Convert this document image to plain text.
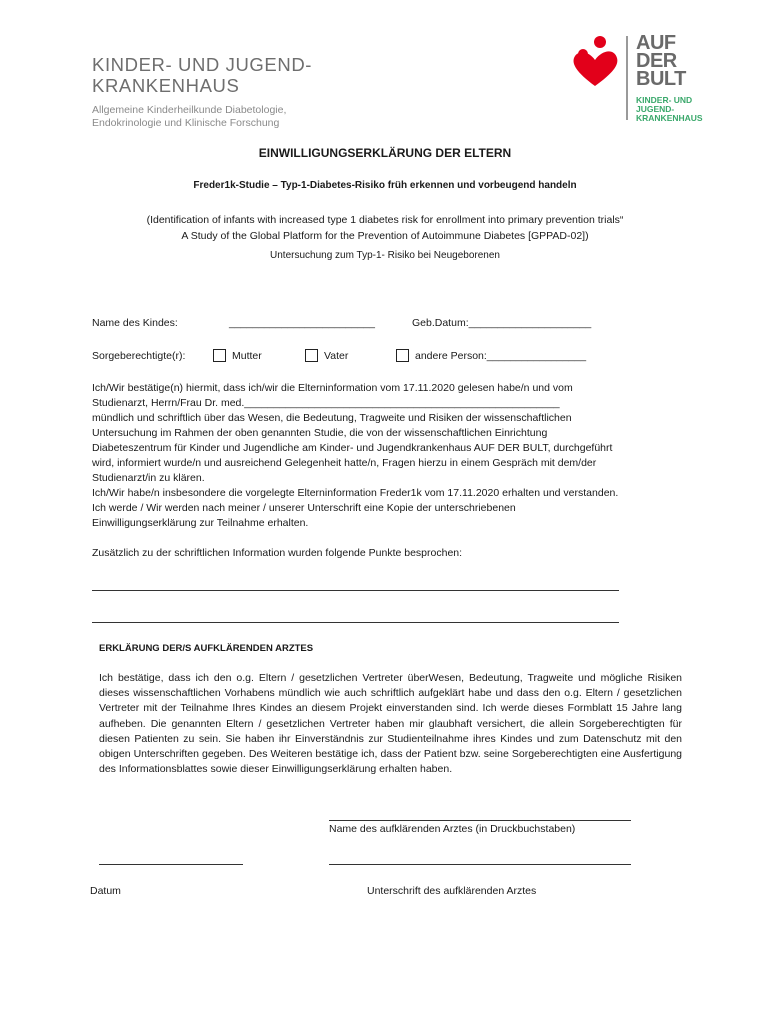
KINDER- UND JUGEND-
KRANKENHAUS
Allgemeine Kinderheilkunde Diabetologie,
Endokrinologie und Klinische Forschung
AUF
DER
BULT
KINDER- UND
JUGEND-
KRANKENHAUS
EINWILLIGUNGSERKLÄRUNG DER ELTERN
Freder1k-Studie – Typ-1-Diabetes-Risiko früh erkennen und vorbeugend handeln
(Identification of infants with increased type 1 diabetes risk for enrollment into primary prevention trials“
A Study of the Global Platform for the Prevention of Autoimmune Diabetes [GPPAD-02])
Untersuchung zum Typ-1- Risiko bei Neugeborenen
Name des Kindes:	_________________________	Geb.Datum:_____________________
Sorgeberechtigte(r):	Mutter	Vater	andere Person:_________________

Ich/Wir bestätige(n) hiermit, dass ich/wir die Elterninformation vom 17.11.2020 gelesen habe/n und vom

Studienarzt, Herrn/Frau Dr. med.______________________________________________________

mündlich und schriftlich über das Wesen, die Bedeutung, Tragweite und Risiken der wissenschaftlichen

Untersuchung im Rahmen der oben genannten Studie, die von der wissenschaftlichen Einrichtung

Diabeteszentrum für Kinder und Jugendliche am Kinder- und Jugendkrankenhaus AUF DER BULT, durchgeführt

wird, informiert wurde/n und ausreichend Gelegenheit hatte/n, Fragen hierzu in einem Gespräch mit dem/der

Studienarzt/in zu klären.

Ich/Wir habe/n insbesondere die vorgelegte Elterninformation Freder1k vom 17.11.2020 erhalten und verstanden.

Ich werde / Wir werden nach meiner / unserer Unterschrift eine Kopie der unterschriebenen

Einwilligungserklärung zur Teilnahme erhalten.

Zusätzlich zu der schriftlichen Information wurden folgende Punkte besprochen:
ERKLÄRUNG DER/S AUFKLÄRENDEN ARZTES
Ich bestätige, dass ich den o.g. Eltern / gesetzlichen Vertreter überWesen, Bedeutung, Tragweite und mögliche Risiken dieses wissenschaftlichen Vorhabens mündlich wie auch schriftlich aufgeklärt habe und dass den o.g. Eltern / gesetzlichen Vertreter mit der Teilnahme Ihres Kindes an diesem Projekt einverstanden sind. Ich werde dieses Formblatt 15 Jahre lang aufheben. Die genannten Eltern / gesetzlichen Vertreter haben mir glaubhaft versichert, die allein Sorgeberechtigten für diesen Patienten zu sein. Sie haben ihr Einverständnis zur Studienteilnahme ihres Kindes und zum Datenschutz mit den obigen Unterschriften gegeben. Des Weiteren bestätige ich, dass der Patient bzw. seine Sorgeberechtigten eine Ausfertigung des Informationsblattes sowie dieser Einwilligungserklärung erhalten haben.
Name des aufklärenden Arztes (in Druckbuchstaben)
Datum	Unterschrift des aufklärenden Arztes
